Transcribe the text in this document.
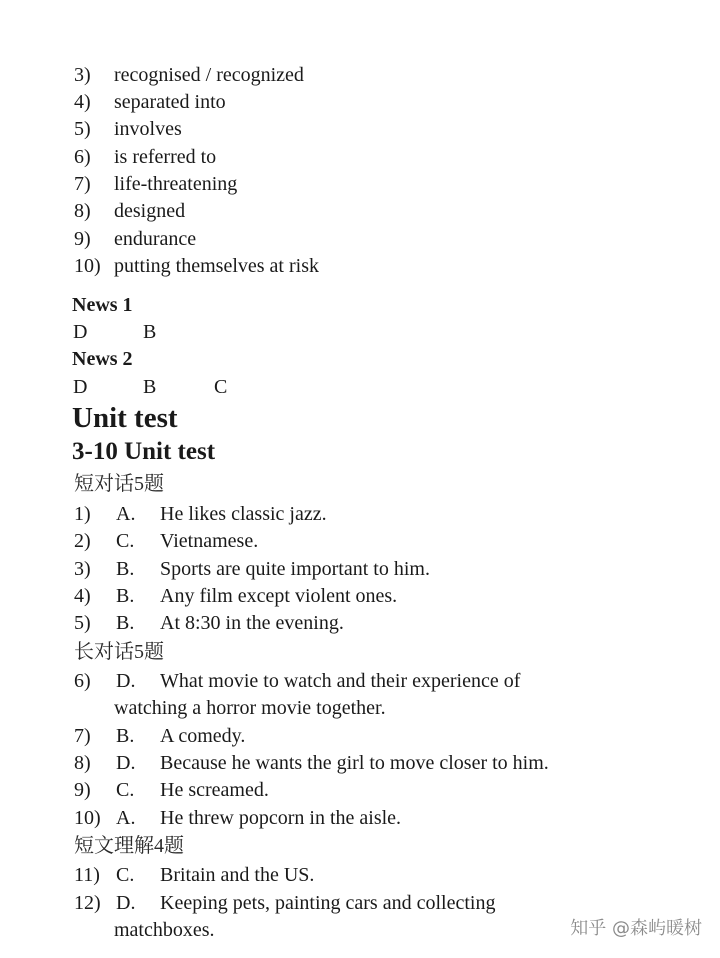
3) recognised / recognized
4) separated into
5) involves
6) is referred to
7) life-threatening
8) designed
9) endurance
10) putting themselves at risk
News 1
D	B
News 2
D	B	C
Unit test
3-10 Unit test
短对话5题
1) A. He likes classic jazz.
2) C. Vietnamese.
3) B. Sports are quite important to him.
4) B. Any film except violent ones.
5) B. At 8:30 in the evening.
长对话5题
6) D. What movie to watch and their experience of
watching a horror movie together.
7) B. A comedy.
8) D. Because he wants the girl to move closer to him.
9) C. He screamed.
10) A. He threw popcorn in the aisle.
短文理解4题
11) C. Britain and the US.
12) D. Keeping pets, painting cars and collecting
matchboxes.	知乎 @森屿暖树
